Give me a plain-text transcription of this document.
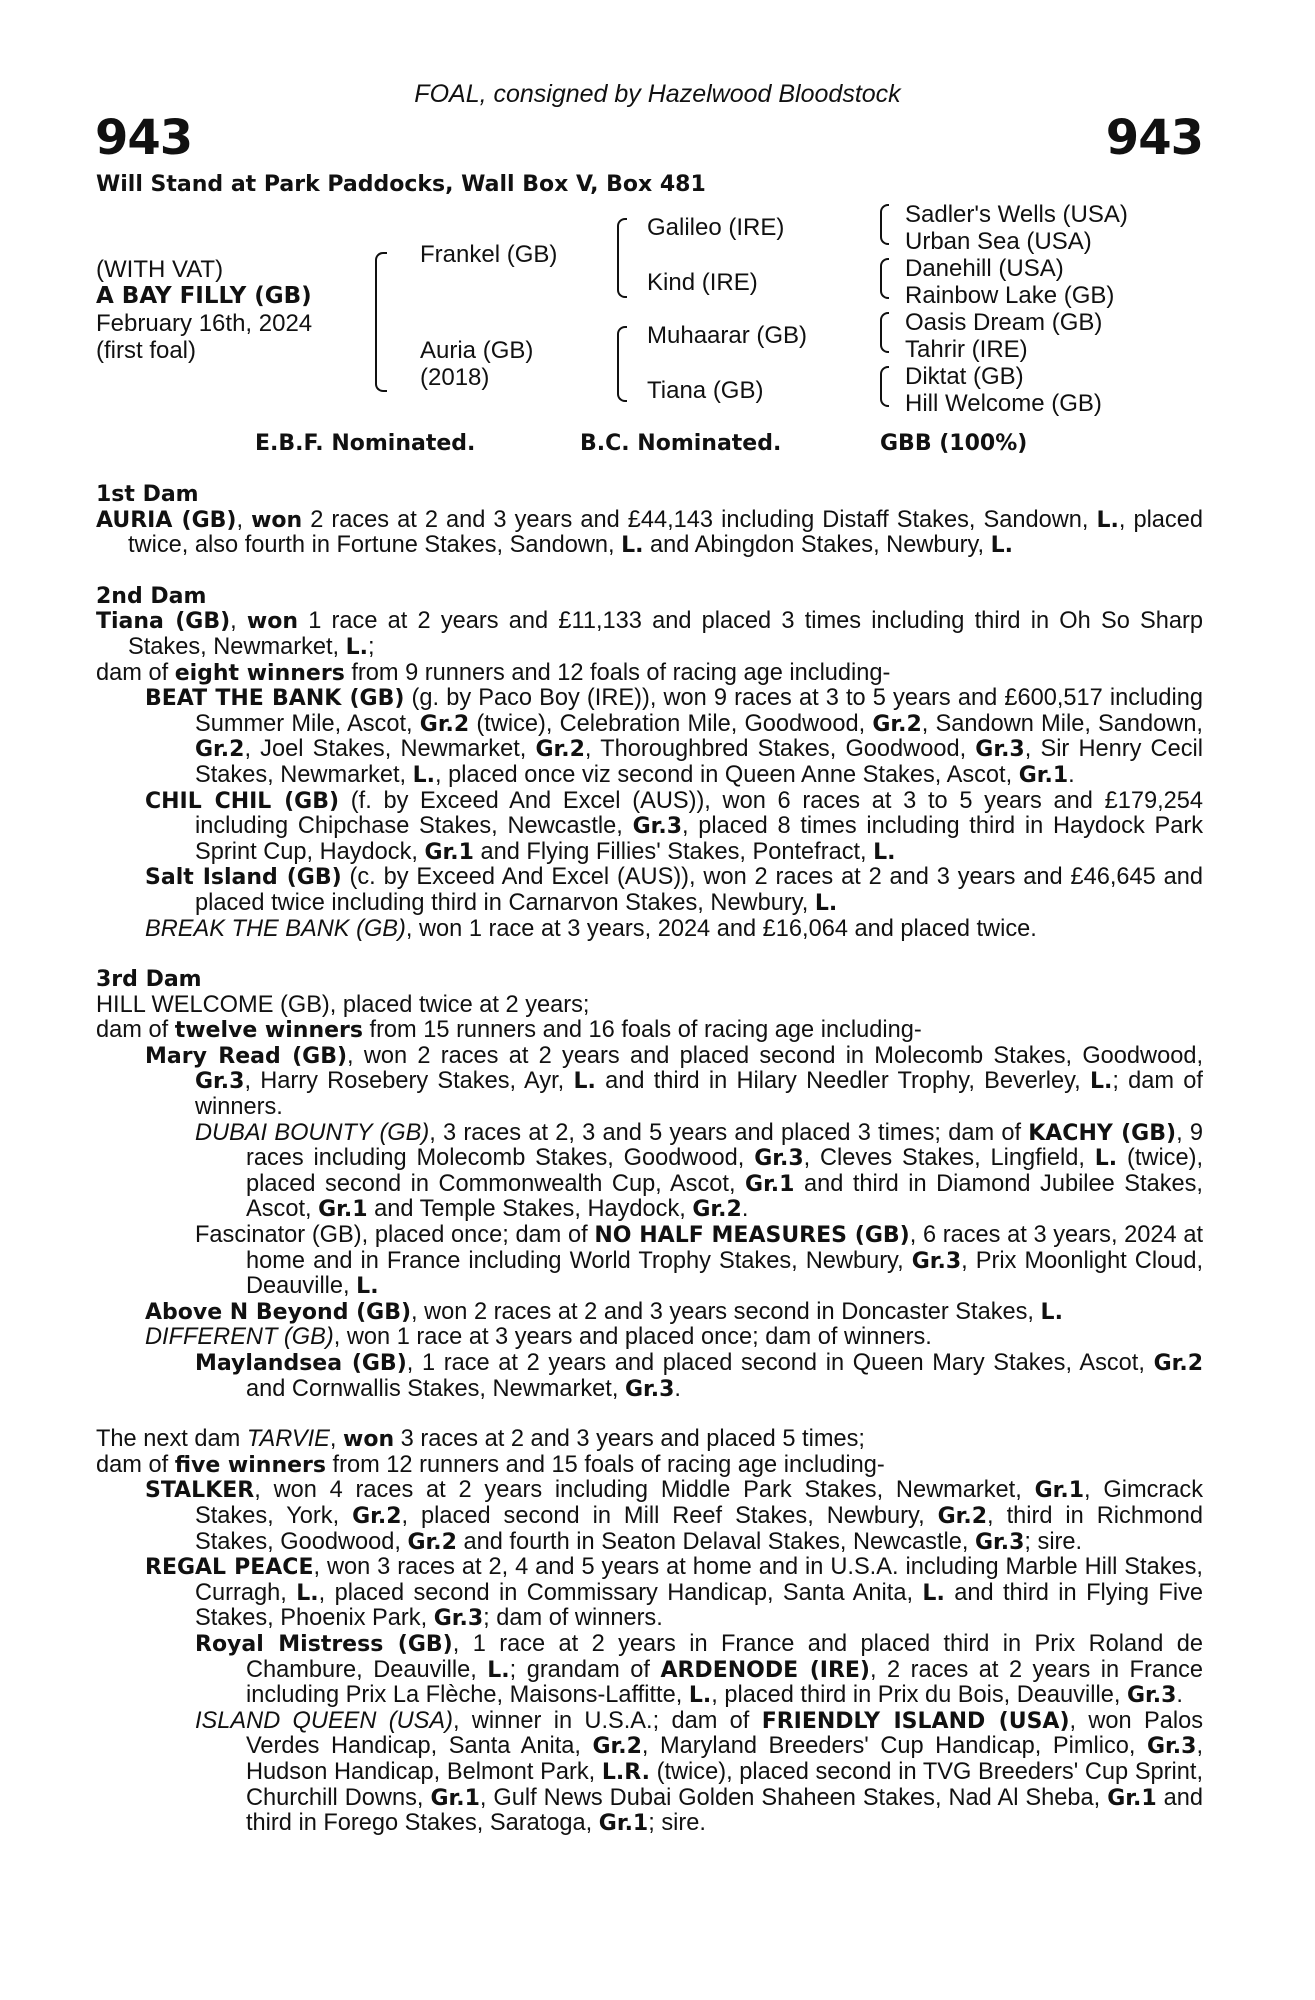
FOAL, consigned by Hazelwood Bloodstock
943	943
Will Stand at Park Paddocks, Wall Box V, Box 481
(WITH VAT)
A BAY FILLY (GB)
February 16th, 2024
(first foal)
Frankel (GB)
Auria (GB)
(2018)
Galileo (IRE)
Kind (IRE)
Muhaarar (GB)
Tiana (GB)
Sadler's Wells (USA)
Urban Sea (USA)
Danehill (USA)
Rainbow Lake (GB)
Oasis Dream (GB)
Tahrir (IRE)
Diktat (GB)
Hill Welcome (GB)
E.B.F. Nominated.	B.C. Nominated.	GBB (100%)
1st Dam

AURIA (GB), won 2 races at 2 and 3 years and £44,143 including Distaff Stakes, Sandown, L., placed twice, also fourth in Fortune Stakes, Sandown, L. and Abingdon Stakes, Newbury, L.

2nd Dam

Tiana (GB), won 1 race at 2 years and £11,133 and placed 3 times including third in Oh So Sharp Stakes, Newmarket, L.;

dam of eight winners from 9 runners and 12 foals of racing age including-

BEAT THE BANK (GB) (g. by Paco Boy (IRE)), won 9 races at 3 to 5 years and £600,517 including Summer Mile, Ascot, Gr.2 (twice), Celebration Mile, Goodwood, Gr.2, Sandown Mile, Sandown, Gr.2, Joel Stakes, Newmarket, Gr.2, Thoroughbred Stakes, Goodwood, Gr.3, Sir Henry Cecil Stakes, Newmarket, L., placed once viz second in Queen Anne Stakes, Ascot, Gr.1.

CHIL CHIL (GB) (f. by Exceed And Excel (AUS)), won 6 races at 3 to 5 years and £179,254 including Chipchase Stakes, Newcastle, Gr.3, placed 8 times including third in Haydock Park Sprint Cup, Haydock, Gr.1 and Flying Fillies' Stakes, Pontefract, L.

Salt Island (GB) (c. by Exceed And Excel (AUS)), won 2 races at 2 and 3 years and £46,645 and placed twice including third in Carnarvon Stakes, Newbury, L.

BREAK THE BANK (GB), won 1 race at 3 years, 2024 and £16,064 and placed twice.

3rd Dam

HILL WELCOME (GB), placed twice at 2 years;

dam of twelve winners from 15 runners and 16 foals of racing age including-

Mary Read (GB), won 2 races at 2 years and placed second in Molecomb Stakes, Goodwood, Gr.3, Harry Rosebery Stakes, Ayr, L. and third in Hilary Needler Trophy, Beverley, L.; dam of winners.

DUBAI BOUNTY (GB), 3 races at 2, 3 and 5 years and placed 3 times; dam of KACHY (GB), 9 races including Molecomb Stakes, Goodwood, Gr.3, Cleves Stakes, Lingfield, L. (twice), placed second in Commonwealth Cup, Ascot, Gr.1 and third in Diamond Jubilee Stakes, Ascot, Gr.1 and Temple Stakes, Haydock, Gr.2.

Fascinator (GB), placed once; dam of NO HALF MEASURES (GB), 6 races at 3 years, 2024 at home and in France including World Trophy Stakes, Newbury, Gr.3, Prix Moonlight Cloud, Deauville, L.

Above N Beyond (GB), won 2 races at 2 and 3 years second in Doncaster Stakes, L.

DIFFERENT (GB), won 1 race at 3 years and placed once; dam of winners.

Maylandsea (GB), 1 race at 2 years and placed second in Queen Mary Stakes, Ascot, Gr.2 and Cornwallis Stakes, Newmarket, Gr.3.

The next dam TARVIE, won 3 races at 2 and 3 years and placed 5 times;

dam of five winners from 12 runners and 15 foals of racing age including-

STALKER, won 4 races at 2 years including Middle Park Stakes, Newmarket, Gr.1, Gimcrack Stakes, York, Gr.2, placed second in Mill Reef Stakes, Newbury, Gr.2, third in Richmond Stakes, Goodwood, Gr.2 and fourth in Seaton Delaval Stakes, Newcastle, Gr.3; sire.

REGAL PEACE, won 3 races at 2, 4 and 5 years at home and in U.S.A. including Marble Hill Stakes, Curragh, L., placed second in Commissary Handicap, Santa Anita, L. and third in Flying Five Stakes, Phoenix Park, Gr.3; dam of winners.

Royal Mistress (GB), 1 race at 2 years in France and placed third in Prix Roland de Chambure, Deauville, L.; grandam of ARDENODE (IRE), 2 races at 2 years in France including Prix La Flèche, Maisons-Laffitte, L., placed third in Prix du Bois, Deauville, Gr.3.

ISLAND QUEEN (USA), winner in U.S.A.; dam of FRIENDLY ISLAND (USA), won Palos Verdes Handicap, Santa Anita, Gr.2, Maryland Breeders' Cup Handicap, Pimlico, Gr.3, Hudson Handicap, Belmont Park, L.R. (twice), placed second in TVG Breeders' Cup Sprint, Churchill Downs, Gr.1, Gulf News Dubai Golden Shaheen Stakes, Nad Al Sheba, Gr.1 and third in Forego Stakes, Saratoga, Gr.1; sire.
